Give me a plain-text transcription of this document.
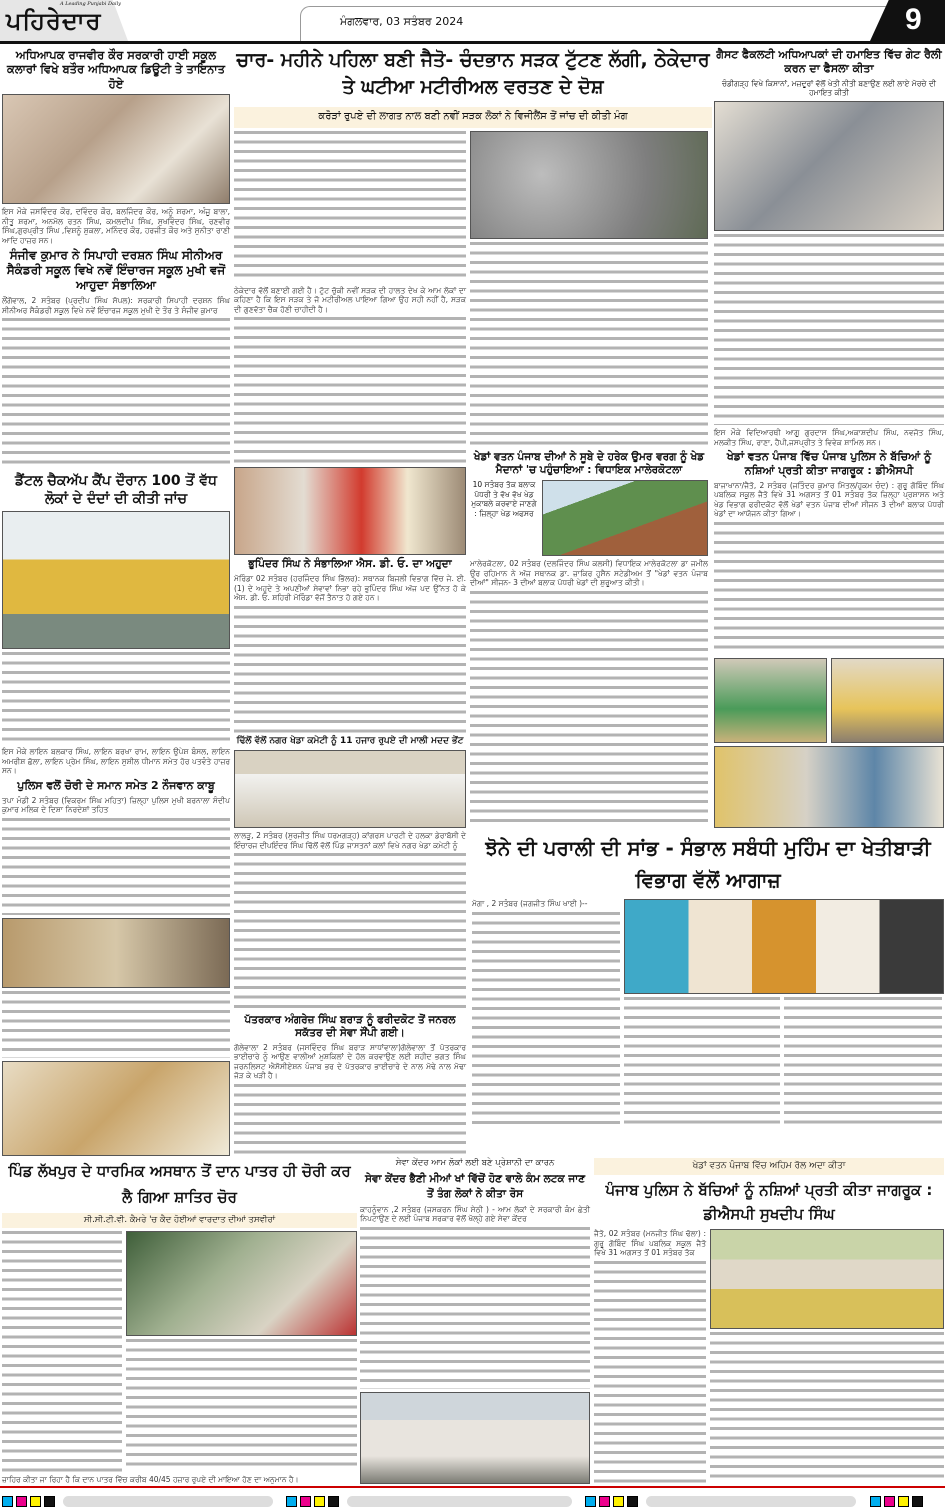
ਪਹਿਰੇਦਾਰ
A Leading Punjabi Daily
ਮੰਗਲਵਾਰ, 03 ਸਤੰਬਰ 2024	9
ਅਧਿਆਪਕ ਰਾਜਵੀਰ ਕੌਰ ਸਰਕਾਰੀ ਹਾਈ ਸਕੂਲ ਕਲਾਰਾਂ ਵਿਖੇ ਬਤੌਰ ਅਧਿਆਪਕ ਡਿਊਟੀ ਤੇ ਤਾਇਨਾਤ ਹੋਏ
ਇਸ ਮੌਕੇ ਜਸਵਿੰਦਰ ਕੌਰ, ਦਵਿੰਦਰ ਕੌਰ, ਬਲਜਿੰਦਰ ਕੌਰ, ਅਨੂੰ ਸ਼ਰਮਾ, ਅੰਜੂ ਬਾਲਾ, ਨੀਤੂ ਸ਼ਰਮਾ, ਅਨਮੋਲ ਰਤਨ ਸਿੰਘ, ਕਮਲਦੀਪ ਸਿੰਘ, ਸੁਖਵਿੰਦਰ ਸਿੰਘ, ਰਣਵੀਰ ਸਿੰਘ,ਗੁਰਪ੍ਰੀਤ ਸਿੰਘ ,ਵਿਸ਼ਨੂੰ ਸ਼ੁਕਲਾ, ਮਨਿੰਦਰ ਕੌਰ, ਹਰਜੀਤ ਕੌਰ ਅਤੇ ਸੁਨੀਤਾ ਰਾਣੀ ਆਦਿ ਹਾਜ਼ਰ ਸਨ।
ਸੰਜੀਵ ਕੁਮਾਰ ਨੇ ਸਿਪਾਹੀ ਦਰਸ਼ਨ ਸਿੰਘ ਸੀਨੀਅਰ ਸੈਕੰਡਰੀ ਸਕੂਲ ਵਿਖੇ ਨਵੇਂ ਇੰਚਾਰਜ ਸਕੂਲ ਮੁਖੀ ਵਜੋਂ ਆਹੁਦਾ ਸੰਭਾਲਿਆ
ਲੌਂਗੋਵਾਲ, 2 ਸਤੰਬਰ (ਪ੍ਰਦੀਪ ਸਿੰਘ ਸੱਪਲ): ਸਰਕਾਰੀ ਸਿਪਾਹੀ ਦਰਸ਼ਨ ਸਿੰਘ ਸੀਨੀਅਰ ਸੈਕੰਡਰੀ ਸਕੂਲ ਵਿਖੇ ਨਵੇਂ ਇੰਚਾਰਜ ਸਕੂਲ ਮੁਖੀ ਦੇ ਤੌਰ ਤੇ ਸੰਜੀਵ ਕੁਮਾਰ
ਡੈਂਟਲ ਚੈਕਅੱਪ ਕੈਂਪ ਦੌਰਾਨ 100 ਤੋਂ ਵੱਧ ਲੋਕਾਂ ਦੇ ਦੰਦਾਂ ਦੀ ਕੀਤੀ ਜਾਂਚ
ਇਸ ਮੌਕੇ ਲਾਇਨ ਬਲਕਾਰ ਸਿੰਘ, ਲਾਇਨ ਬਰਖਾ ਰਾਮ, ਲਾਇਨ ਉਪੇਸ਼ ਬੰਸਲ, ਲਾਇਨ ਅਮਰੀਸ਼ ਛੱਲਾ, ਲਾਇਨ ਪ੍ਰੇਮ ਸਿੰਘ, ਲਾਇਨ ਸੁਸ਼ੀਲ ਧੀਮਾਨ ਸਮੇਤ ਹੋਰ ਪਤਵੰਤੇ ਹਾਜ਼ਰ ਸਨ।
ਪੁਲਿਸ ਵਲੋਂ ਚੋਰੀ ਦੇ ਸਮਾਨ ਸਮੇਤ 2 ਨੌਜਵਾਨ ਕਾਬੂ
ਤਪਾ ਮੰਡੀ 2 ਸਤੰਬਰ (ਵਿਕਰਮ ਸਿੰਘ ਮਹਿਤਾ) ਜ਼ਿਲ੍ਹਾ ਪੁਲਿਸ ਮੁਖੀ ਬਰਨਾਲਾ ਸੰਦੀਪ ਕੁਮਾਰ ਮਲਿਕ ਦੇ ਦਿਸ਼ਾ ਨਿਰਦੇਸ਼ਾਂ ਤਹਿਤ
ਚਾਰ- ਮਹੀਨੇ ਪਹਿਲਾ ਬਣੀ ਜੈਤੋ- ਚੰਦਭਾਨ ਸੜਕ ਟੁੱਟਣ ਲੱਗੀ, ਠੇਕੇਦਾਰ ਤੇ ਘਟੀਆ ਮਟੀਰੀਅਲ ਵਰਤਣ ਦੇ ਦੋਸ਼
ਕਰੋੜਾਂ ਰੁਪਏ ਦੀ ਲਾਗਤ ਨਾਲ ਬਣੀ ਨਵੀਂ ਸੜਕ ਲੋਕਾਂ ਨੇ ਵਿਜੀਲੈਂਸ ਤੋਂ ਜਾਂਚ ਦੀ ਕੀਤੀ ਮੰਗ
ਠੇਕੇਦਾਰ ਵੱਲੋਂ ਬਣਾਈ ਗਈ ਹੈ। ਟੁੱਟ ਚੁੱਕੀ ਨਵੀਂ ਸੜਕ ਦੀ ਹਾਲਤ ਦੇਖ ਕੇ ਆਮ ਲੋਕਾਂ ਦਾ ਕਹਿਣਾ ਹੈ ਕਿ ਇਸ ਸੜਕ ਤੇ ਜੋ ਮਟੀਰੀਅਲ ਪਾਇਆ ਗਿਆ ਉਹ ਸਹੀ ਨਹੀਂ ਹੈ, ਸੜਕ ਦੀ ਗੁਣਵੱਤਾ ਚੈਕ ਹੋਣੀ ਚਾਹੀਦੀ ਹੈ।
ਭੁਪਿੰਦਰ ਸਿੰਘ ਨੇ ਸੰਭਾਲਿਆ ਐਸ. ਡੀ. ਓ. ਦਾ ਅਹੁਦਾ
ਮੋਰਿੰਡਾ 02 ਸਤੰਬਰ (ਹਰਜਿੰਦਰ ਸਿੰਘ ਭਿੱਲਰ): ਸਥਾਨਕ ਬਿਜਲੀ ਵਿਭਾਗ ਵਿੱਚ ਜੇ. ਈ. (1) ਦੇ ਅਹੁਦੇ ਤੇ ਅਪਣੀਆਂ ਸੇਵਾਵਾਂ ਨਿਭਾ ਰਹੇ ਭੁਪਿੰਦਰ ਸਿੰਘ ਅੱਜ ਪਦ ਉੱਨਤ ਹੋ ਕੇ ਐਸ. ਡੀ. ਓ. ਸ਼ਹਿਰੀ ਮੋਰਿੰਡਾ ਵੱਜੋਂ ਤੈਨਾਤ ਹੋ ਗਏ ਹਨ।
ਢਿੱਲੋਂ ਵੱਲੋਂ ਨਗਰ ਖੇਡਾ ਕਮੇਟੀ ਨੂੰ 11 ਹਜਾਰ ਰੁਪਏ ਦੀ ਮਾਲੀ ਮਦਦ ਭੇਂਟ
ਲਾਲੜੂ, 2 ਸਤੰਬਰ (ਸੁਰਜੀਤ ਸਿੰਘ ਧਰਮਗੜ੍ਹ) ਕਾਂਗਰਸ ਪਾਰਟੀ ਦੇ ਹਲਕਾ ਡੇਰਾਬੱਸੀ ਦੇ ਇੰਚਾਰਜ ਦੀਪਇੰਦਰ ਸਿੰਘ ਢਿੱਲੋਂ ਵੱਲੋਂ ਪਿੰਡ ਜਾਸਤਨਾਂ ਕਲਾਂ ਵਿਖੇ ਨਗਰ ਖੇਡਾ ਕਮੇਟੀ ਨੂੰ
ਪੱਤਰਕਾਰ ਅੰਗਰੇਜ਼ ਸਿੰਘ ਬਰਾੜ ਨੂੰ ਫਰੀਦਕੋਟ ਤੋਂ ਜਨਰਲ ਸਕੱਤਰ ਦੀ ਸੇਵਾ ਸੌਂਪੀ ਗਈ।
ਗੋਲੇਵਾਲਾ 2 ਸਤੰਬਰ (ਜਸਵਿੰਦਰ ਸਿੰਘ ਬਰਾੜ ਸਾਧਾਂਵਾਲਾ)ਗੋਲੇਵਾਲਾ ਤੋਂ ਪੱਤਰਕਾਰ ਭਾਈਚਾਰੇ ਨੂੰ ਆਉਣ ਵਾਲੀਆਂ ਮੁਸ਼ਕਿਲਾਂ ਦੇ ਹੱਲ ਕਰਵਾਉਣ ਲਈ ਸ਼ਹੀਦ ਭਗਤ ਸਿੰਘ ਜਰਨਲਿਸਟ ਐਸੋਸੀਏਸ਼ਨ ਪੰਜਾਬ ਭਰ ਦੇ ਪੱਤਰਕਾਰ ਭਾਈਚਾਰੇ ਦੇ ਨਾਲ ਮੋਢੇ ਨਾਲ ਮੋਢਾ ਜੋੜ ਕੇ ਖੜੀ ਹੈ।
ਖੇਡਾਂ ਵਤਨ ਪੰਜਾਬ ਦੀਆਂ ਨੇ ਸੂਬੇ ਦੇ ਹਰੇਕ ਉਮਰ ਵਰਗ ਨੂੰ ਖੇਡ ਮੈਦਾਨਾਂ 'ਚ ਪਹੁੰਚਾਇਆ : ਵਿਧਾਇਕ ਮਾਲੇਰਕੋਟਲਾ
10 ਸਤੰਬਰ ਤੱਕ ਬਲਾਕ ਪੱਧਰੀ ਤੇ ਵੱਖ ਵੱਖ ਖੇਡ ਮੁਕਾਬਲੇ ਕਰਵਾਏ ਜਾਣਗੇ : ਜ਼ਿਲ੍ਹਾ ਖੇਡ ਅਫਸਰ
ਮਾਲੇਰਕੋਟਲਾ, 02 ਸਤੰਬਰ (ਦਲਜਿੰਦਰ ਸਿੰਘ ਕਲਸੀ) ਵਿਧਾਇਕ ਮਾਲੇਰਕੋਟਲਾ ਡਾ ਜਮੀਲ ਉਰ ਰਹਿਮਾਨ ਨੇ ਅੱਜ ਸਥਾਨਕ ਡਾ. ਜ਼ਾਕਿਰ ਹੁਸੈਨ ਸਟੇਡੀਅਮ ਤੋਂ "ਖੇਡਾਂ ਵਤਨ ਪੰਜਾਬ ਦੀਆਂ" ਸੀਜਨ- 3 ਦੀਆਂ ਬਲਾਕ ਪੱਧਰੀ ਖੇਡਾਂ ਦੀ ਸ਼ੁਰੂਆਤ ਕੀਤੀ।
ਗੈਸਟ ਫੈਕਲਟੀ ਅਧਿਆਪਕਾਂ ਦੀ ਹਮਾਇਤ ਵਿੱਚ ਗੇਟ ਰੈਲੀ ਕਰਨ ਦਾ ਫੈਸਲਾ ਕੀਤਾ
ਚੰਡੀਗੜ੍ਹ ਵਿਖੇ ਕਿਸਾਨਾਂ, ਮਜ਼ਦੂਰਾਂ ਵੱਲੋਂ ਖੇਤੀ ਨੀਤੀ ਬਣਾਉਣ ਲਈ ਲਾਏ ਮੋਰਚੇ ਦੀ ਹਮਾਇਤ ਕੀਤੀ
ਇਸ ਮੌਕੇ ਵਿਦਿਆਰਥੀ ਆਗੂ ਗੁਰਦਾਸ ਸਿੰਘ,ਅਕਾਸ਼ਦੀਪ ਸਿੰਘ, ਨਵਜੋਤ ਸਿੰਘ, ਮਲਕੀਤ ਸਿੰਘ, ਰਾਣਾ, ਹੈਪੀ,ਜਸਪ੍ਰੀਤ ਤੇ ਵਿਵੇਕ ਸ਼ਾਮਿਲ ਸਨ।
ਖੇਡਾਂ ਵਤਨ ਪੰਜਾਬ ਵਿੱਚ ਪੰਜਾਬ ਪੁਲਿਸ ਨੇ ਬੱਚਿਆਂ ਨੂੰ ਨਸ਼ਿਆਂ ਪ੍ਰਤੀ ਕੀਤਾ ਜਾਗਰੂਕ : ਡੀਐਸਪੀ
ਬਾਜਾਖਾਨਾ/ਜੈਤੋ, 2 ਸਤੰਬਰ (ਜਤਿੰਦਰ ਕੁਮਾਰ ਮਿੱਤਲ/ਹੁਕਮ ਚੰਦ) : ਗੁਰੂ ਗੋਬਿੰਦ ਸਿੰਘ ਪਬਲਿਕ ਸਕੂਲ ਜੈਤੋ ਵਿਖੇ 31 ਅਗਸਤ ਤੋਂ 01 ਸਤੰਬਰ ਤੱਕ ਜ਼ਿਲ੍ਹਾ ਪ੍ਰਸ਼ਾਸਨ ਅਤੇ ਖੇਡ ਵਿਭਾਗ ਫਰੀਦਕੋਟ ਵੱਲੋਂ ਖੇਡਾਂ ਵਤਨ ਪੰਜਾਬ ਦੀਆਂ ਸੀਜਨ 3 ਦੀਆਂ ਬਲਾਕ ਪੱਧਰੀ ਖੇਡਾਂ ਦਾ ਆਯੋਜਨ ਕੀਤਾ ਗਿਆ।
ਝੋਨੇ ਦੀ ਪਰਾਲੀ ਦੀ ਸਾਂਭ - ਸੰਭਾਲ ਸਬੰਧੀ ਮੁਹਿੰਮ ਦਾ ਖੇਤੀਬਾੜੀ ਵਿਭਾਗ ਵੱਲੋਂ ਆਗਾਜ਼
ਮੋਗਾ , 2 ਸਤੰਬਰ (ਜਗਜੀਤ ਸਿੰਘ ਖਾਈ )--
ਪਿੰਡ ਲੱਖਪੁਰ ਦੇ ਧਾਰਮਿਕ ਅਸਥਾਨ ਤੋਂ ਦਾਨ ਪਾਤਰ ਹੀ ਚੋਰੀ ਕਰ ਲੈ ਗਿਆ ਸ਼ਾਤਿਰ ਚੋਰ
ਸੀ.ਸੀ.ਟੀ.ਵੀ. ਕੈਮਰੇ 'ਚ ਕੈਦ ਹੋਈਆਂ ਵਾਰਦਾਤ ਦੀਆਂ ਤਸਵੀਰਾਂ
ਜ਼ਾਹਿਰ ਕੀਤਾ ਜਾ ਰਿਹਾ ਹੈ ਕਿ ਦਾਨ ਪਾਤਰ ਵਿੱਚ ਕਰੀਬ 40/45 ਹਜ਼ਾਰ ਰੁਪਏ ਦੀ ਮਾਇਆ ਹੋਣ ਦਾ ਅਨੁਮਾਨ ਹੈ।
ਸੇਵਾ ਕੇਂਦਰ ਆਮ ਲੋਕਾਂ ਲਈ ਬਣੇ ਪ੍ਰੇਸ਼ਾਨੀ ਦਾ ਕਾਰਨ
ਸੇਵਾ ਕੇਂਦਰ ਭੈਣੀ ਮੀਆਂ ਖਾਂ ਵਿੱਚੋਂ ਹੋਣ ਵਾਲੇ ਕੰਮ ਲਟਕ ਜਾਣ ਤੋਂ ਤੰਗ ਲੋਕਾਂ ਨੇ ਕੀਤਾ ਰੋਸ
ਕਾਹਨੂੰਵਾਨ ,2 ਸਤੰਬਰ (ਜਸਕਰਨ ਸਿੰਘ ਸੇਠੀ ) - ਆਮ ਲੋਕਾਂ ਦੇ ਸਰਕਾਰੀ ਕੰਮ ਛੇਤੀ ਨਿਪਟਾਉਣ ਦੇ ਲਈ ਪੰਜਾਬ ਸਰਕਾਰ ਵੱਲੋਂ ਖੋਲ੍ਹੇ ਗਏ ਸੇਵਾ ਕੇਂਦਰ
ਖੇਡਾਂ ਵਤਨ ਪੰਜਾਬ ਵਿੱਚ ਅਹਿਮ ਰੋਲ ਅਦਾ ਕੀਤਾ
ਪੰਜਾਬ ਪੁਲਿਸ ਨੇ ਬੱਚਿਆਂ ਨੂੰ ਨਸ਼ਿਆਂ ਪ੍ਰਤੀ ਕੀਤਾ ਜਾਗਰੂਕ : ਡੀਐਸਪੀ ਸੁਖਦੀਪ ਸਿੰਘ
ਜੈਤੋ, 02 ਸਤੰਬਰ (ਮਨਜੀਤ ਸਿੰਘ ਢੱਲਾ) : ਗੁਰੂ ਗੋਬਿੰਦ ਸਿੰਘ ਪਬਲਿਕ ਸਕੂਲ ਜੈਤੋ ਵਿਖੇ 31 ਅਗਸਤ ਤੋਂ 01 ਸਤੰਬਰ ਤੱਕ
